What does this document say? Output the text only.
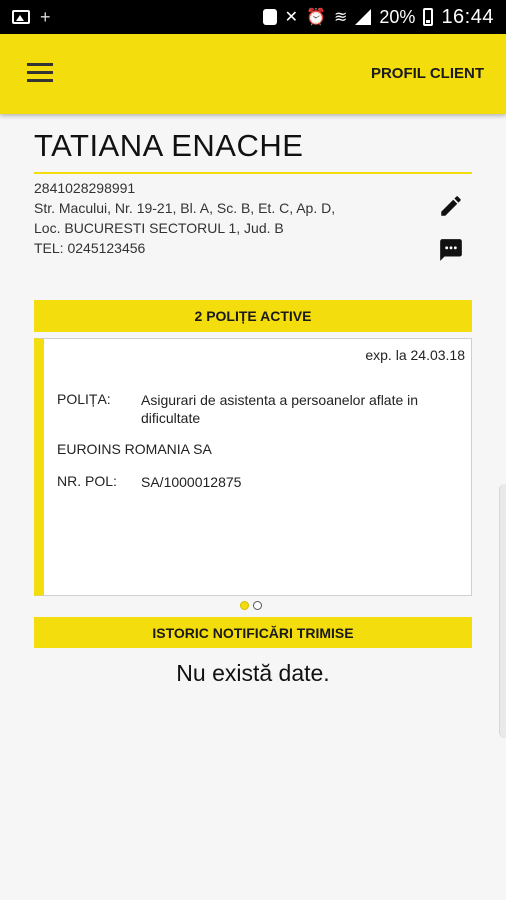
+	✕ ⏰ ≋ 20% 16:44
PROFIL CLIENT
TATIANA ENACHE
2841028298991
Str. Macului, Nr. 19-21, Bl. A, Sc. B, Et. C, Ap. D,
Loc. BUCURESTI SECTORUL 1, Jud. B
TEL: 0245123456
2 POLIȚE ACTIVE
exp. la 24.03.18
POLIȚA: Asigurari de asistenta a persoanelor aflate in dificultate
EUROINS ROMANIA SA
NR. POL: SA/1000012875
ISTORIC NOTIFICĂRI TRIMISE
Nu există date.
